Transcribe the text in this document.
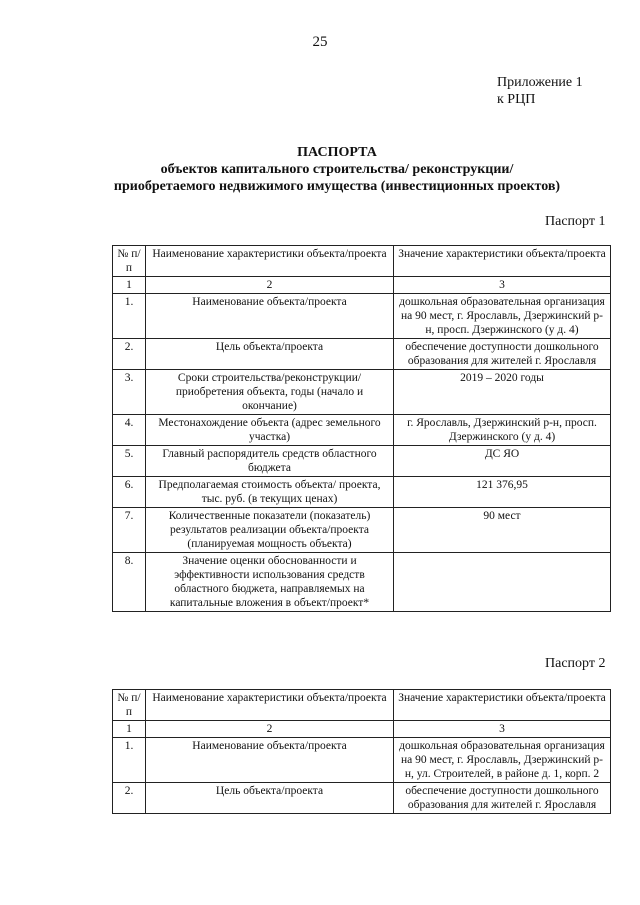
25
Приложение 1
к РЦП
ПАСПОРТА
объектов капитального строительства/ реконструкции/
приобретаемого недвижимого имущества (инвестиционных проектов)
Паспорт 1
№ п/п	Наименование характеристики объекта/проекта	Значение характеристики объекта/проекта
1	2	3
1.	Наименование объекта/проекта	дошкольная образовательная организация на 90 мест, г. Ярославль, Дзержинский р-н, просп. Дзержинского (у д. 4)
2.	Цель объекта/проекта	обеспечение доступности дошкольного образования для жителей г. Ярославля
3.	Сроки строительства/реконструкции/ приобретения объекта, годы (начало и окончание)	2019 – 2020 годы
4.	Местонахождение объекта (адрес земельного участка)	г. Ярославль, Дзержинский р-н, просп. Дзержинского (у д. 4)
5.	Главный распорядитель средств областного бюджета	ДС ЯО
6.	Предполагаемая стоимость объекта/ проекта, тыс. руб. (в текущих ценах)	121 376,95
7.	Количественные показатели (показатель) результатов реализации объекта/проекта (планируемая мощность объекта)	90 мест
8.	Значение оценки обоснованности и эффективности использования средств областного бюджета, направляемых на капитальные вложения в объект/проект*	
Паспорт 2
№ п/п	Наименование характеристики объекта/проекта	Значение характеристики объекта/проекта
1	2	3
1.	Наименование объекта/проекта	дошкольная образовательная организация на 90 мест, г. Ярославль, Дзержинский р-н, ул. Строителей, в районе д. 1, корп. 2
2.	Цель объекта/проекта	обеспечение доступности дошкольного образования для жителей г. Ярославля
